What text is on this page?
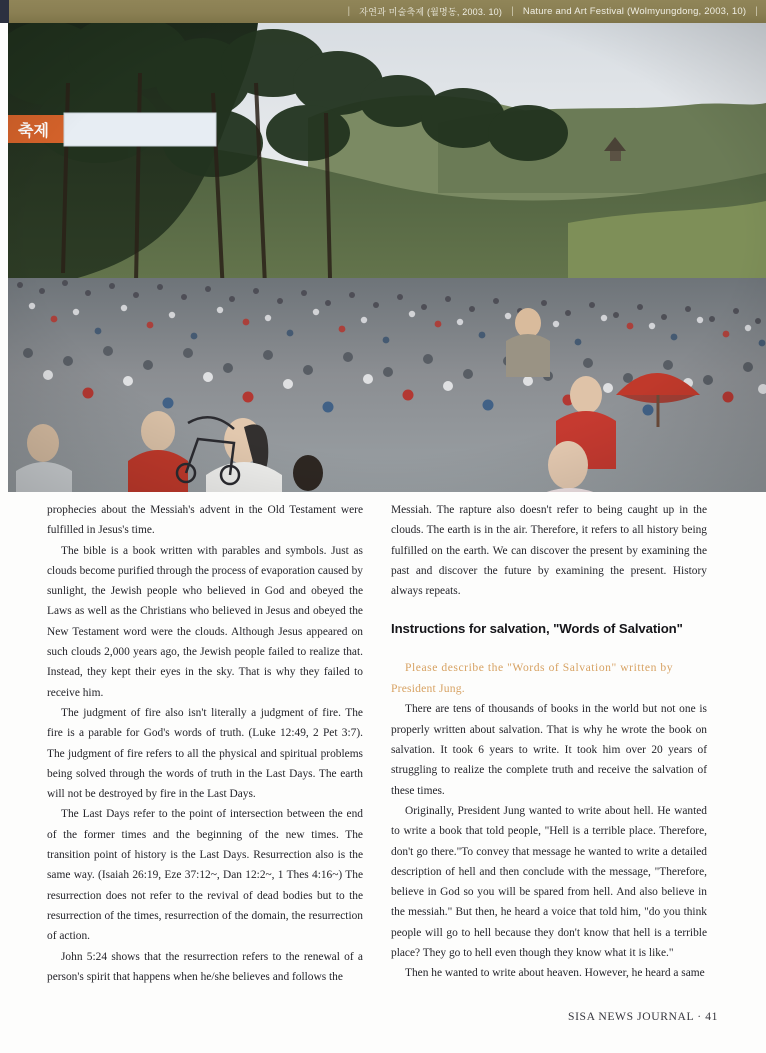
| 자연과 미술축제 (월명동, 2003. 10) | Nature and Art Festival (Wolmyungdong, 2003, 10) |

prophecies about the Messiah's advent in the Old Testament were fulfilled in Jesus's time.

The bible is a book written with parables and symbols. Just as clouds become purified through the process of evaporation caused by sunlight, the Jewish people who believed in God and obeyed the Laws as well as the Christians who believed in Jesus and obeyed the New Testament word were the clouds. Although Jesus appeared on such clouds 2,000 years ago, the Jewish people failed to realize that. Instead, they kept their eyes in the sky. That is why they failed to receive him.

The judgment of fire also isn't literally a judgment of fire. The fire is a parable for God's words of truth. (Luke 12:49, 2 Pet 3:7). The judgment of fire refers to all the physical and spiritual problems being solved through the words of truth in the Last Days. The earth will not be destroyed by fire in the Last Days.

The Last Days refer to the point of intersection between the end of the former times and the beginning of the new times. The transition point of history is the Last Days. Resurrection also is the same way. (Isaiah 26:19, Eze 37:12~, Dan 12:2~, 1 Thes 4:16~) The resurrection does not refer to the revival of dead bodies but to the resurrection of the times, resurrection of the domain, the resurrection of action.

John 5:24 shows that the resurrection refers to the renewal of a person's spirit that happens when he/she believes and follows the

Messiah. The rapture also doesn't refer to being caught up in the clouds. The earth is in the air. Therefore, it refers to all history being fulfilled on the earth. We can discover the present by examining the past and discover the future by examining the present. History always repeats.

Instructions for salvation, "Words of Salvation"

Please describe the "Words of Salvation" written by
President Jung.

There are tens of thousands of books in the world but not one is properly written about salvation. That is why he wrote the book on salvation. It took 6 years to write. It took him over 20 years of struggling to realize the complete truth and receive the salvation of these times.

Originally, President Jung wanted to write about hell. He wanted to write a book that told people, "Hell is a terrible place. Therefore, don't go there."To convey that message he wanted to write a detailed description of hell and then conclude with the message, "Therefore, believe in God so you will be spared from hell. And also believe in the messiah." But then, he heard a voice that told him, "do you think people will go to hell because they don't know that hell is a terrible place? They go to hell even though they know what it is like."

Then he wanted to write about heaven. However, he heard a same

SISA NEWS JOURNAL · 41
